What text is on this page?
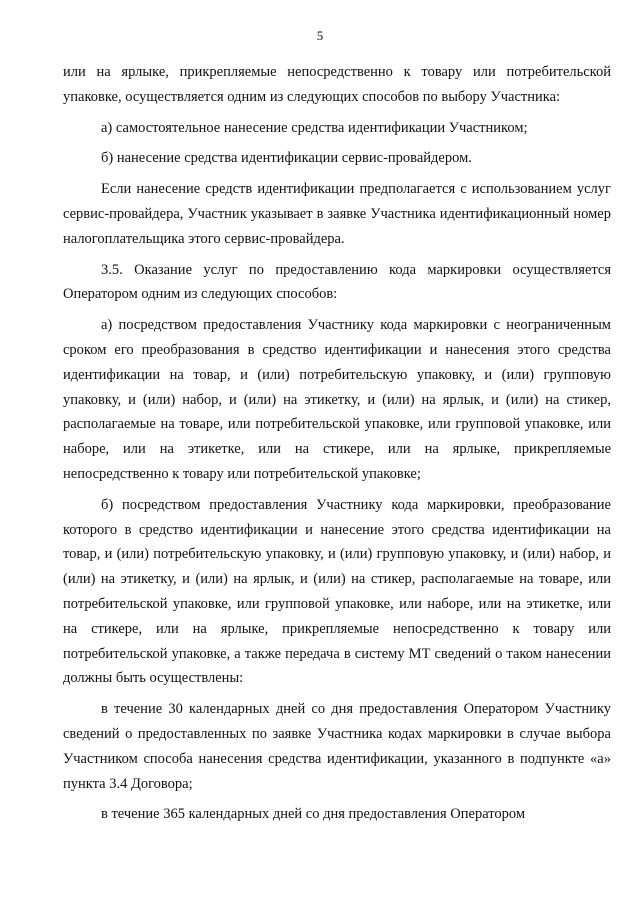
5

или на ярлыке, прикрепляемые непосредственно к товару или потребительской упаковке, осуществляется одним из следующих способов по выбору Участника:

а) самостоятельное нанесение средства идентификации Участником;

б) нанесение средства идентификации сервис-провайдером.

Если нанесение средств идентификации предполагается с использованием услуг сервис-провайдера, Участник указывает в заявке Участника идентификационный номер налогоплательщика этого сервис-провайдера.

3.5. Оказание услуг по предоставлению кода маркировки осуществляется Оператором одним из следующих способов:

а) посредством предоставления Участнику кода маркировки с неограниченным сроком его преобразования в средство идентификации и нанесения этого средства идентификации на товар, и (или) потребительскую упаковку, и (или) групповую упаковку, и (или) набор, и (или) на этикетку, и (или) на ярлык, и (или) на стикер, располагаемые на товаре, или потребительской упаковке, или групповой упаковке, или наборе, или на этикетке, или на стикере, или на ярлыке, прикрепляемые непосредственно к товару или потребительской упаковке;

б) посредством предоставления Участнику кода маркировки, преобразование которого в средство идентификации и нанесение этого средства идентификации на товар, и (или) потребительскую упаковку, и (или) групповую упаковку, и (или) набор, и (или) на этикетку, и (или) на ярлык, и (или) на стикер, располагаемые на товаре, или потребительской упаковке, или групповой упаковке, или наборе, или на этикетке, или на стикере, или на ярлыке, прикрепляемые непосредственно к товару или потребительской упаковке, а также передача в систему МТ сведений о таком нанесении должны быть осуществлены:

в течение 30 календарных дней со дня предоставления Оператором Участнику сведений о предоставленных по заявке Участника кодах маркировки в случае выбора Участником способа нанесения средства идентификации, указанного в подпункте «а» пункта 3.4 Договора;

в течение 365 календарных дней со дня предоставления Оператором
